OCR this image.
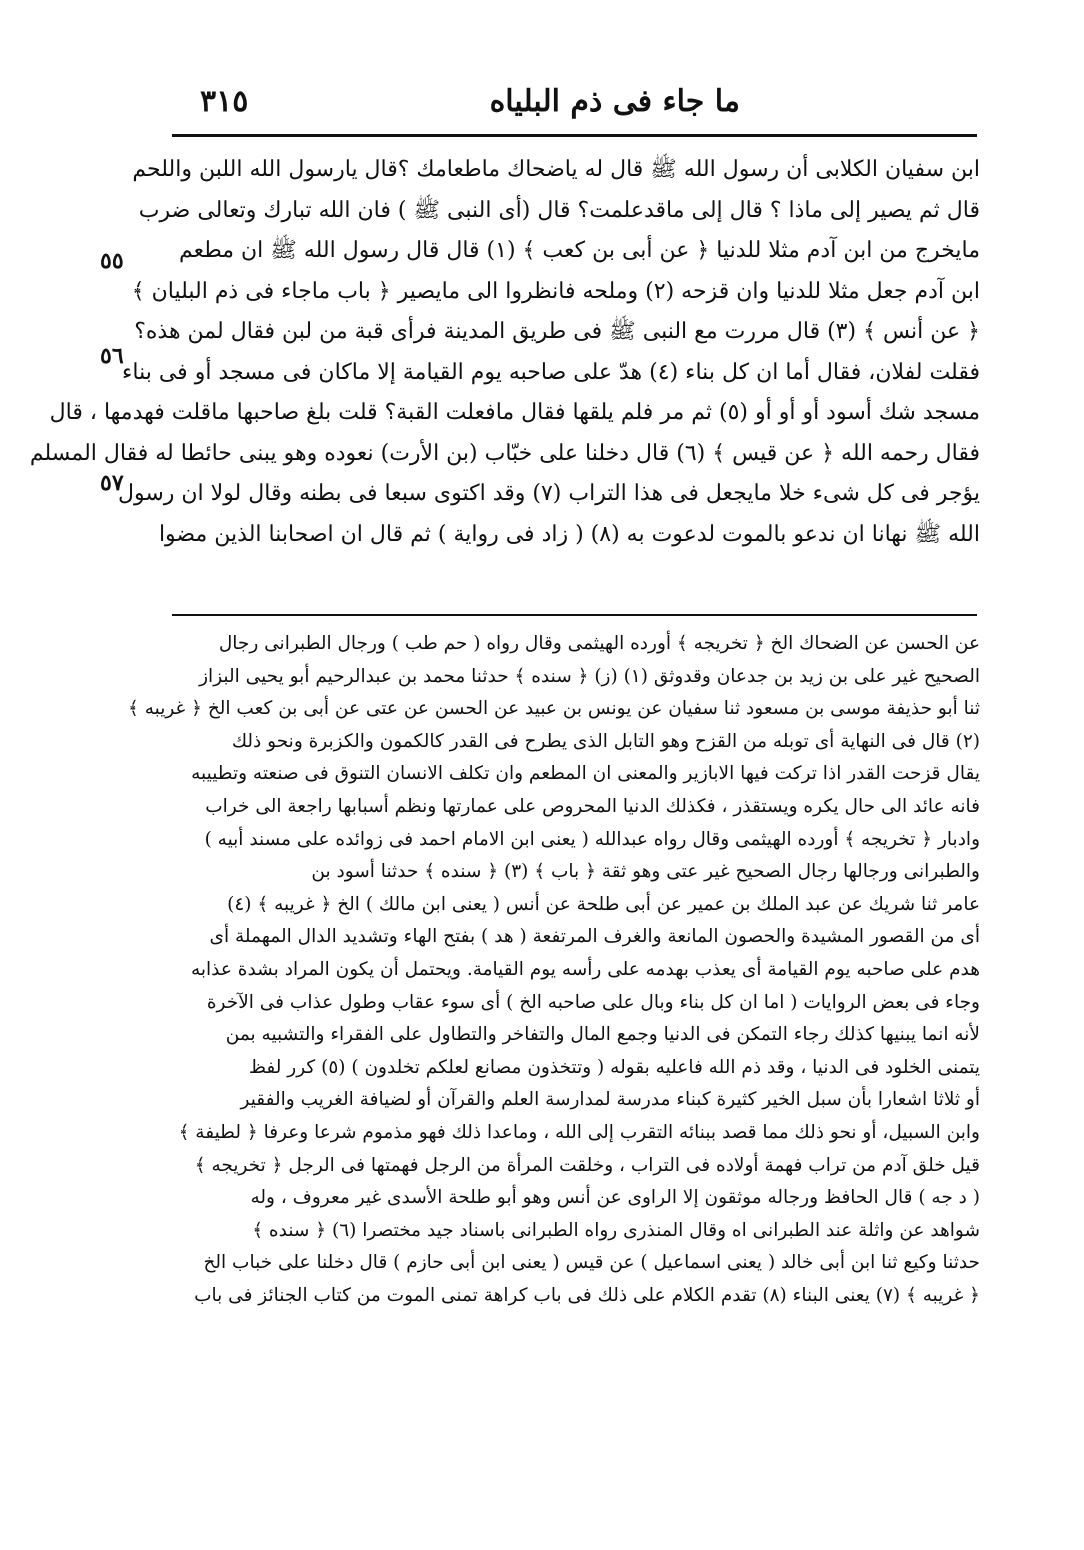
ما جاء فى ذم البلياه
٣١٥
٥٥
٥٦
٥٧
ابن سفيان الكلابى أن رسول الله ﷺ قال له ياضحاك ماطعامك ؟قال يارسول الله اللبن واللحم
قال ثم يصير إلى ماذا ؟ قال إلى ماقدعلمت؟ قال (أى النبى ﷺ ) فان الله تبارك وتعالى ضرب
مايخرج من ابن آدم مثلا للدنيا ﴿ عن أبى بن كعب ﴾ (١) قال قال رسول الله ﷺ ان مطعم
ابن آدم جعل مثلا للدنيا وان قزحه (٢) وملحه فانظروا الى مايصير ﴿ باب ماجاء فى ذم البليان ﴾
﴿ عن أنس ﴾ (٣) قال مررت مع النبى ﷺ فى طريق المدينة فرأى قبة من لبن فقال لمن هذه؟
فقلت لفلان، فقال أما ان كل بناء (٤) هدّ على صاحبه يوم القيامة إلا ماكان فى مسجد أو فى بناء
مسجد شك أسود أو أو أو (٥) ثم مر فلم يلقها فقال مافعلت القبة؟ قلت بلغ صاحبها ماقلت فهدمها ، قال
فقال رحمه الله ﴿ عن قيس ﴾ (٦) قال دخلنا على خبّاب (بن الأرت) نعوده وهو يبنى حائطا له فقال المسلم
يؤجر فى كل شىء خلا مايجعل فى هذا التراب (٧) وقد اكتوى سبعا فى بطنه وقال لولا ان رسول
الله ﷺ نهانا ان ندعو بالموت لدعوت به (٨) ( زاد فى رواية ) ثم قال ان اصحابنا الذين مضوا
عن الحسن عن الضحاك الخ ﴿ تخريجه ﴾ أورده الهيثمى وقال رواه ( حم طب ) ورجال الطبرانى رجال
الصحيح غير على بن زيد بن جدعان وقدوثق (١) (ز) ﴿ سنده ﴾ حدثنا محمد بن عبدالرحيم أبو يحيى البزاز
ثنا أبو حذيفة موسى بن مسعود ثنا سفيان عن يونس بن عبيد عن الحسن عن عتى عن أبى بن كعب الخ ﴿ غريبه ﴾
(٢) قال فى النهاية أى توبله من القزح وهو التابل الذى يطرح فى القدر كالكمون والكزبرة ونحو ذلك
يقال قزحت القدر اذا تركت فيها الابازير والمعنى ان المطعم وان تكلف الانسان التنوق فى صنعته وتطييبه
فانه عائد الى حال يكره ويستقذر ، فكذلك الدنيا المحروص على عمارتها ونظم أسبابها راجعة الى خراب
وادبار ﴿ تخريجه ﴾ أورده الهيثمى وقال رواه عبدالله ( يعنى ابن الامام احمد فى زوائده على مسند أبيه )
والطبرانى ورجالها رجال الصحيح غير عتى وهو ثقة ﴿ باب ﴾ (٣) ﴿ سنده ﴾ حدثنا أسود بن
عامر ثنا شريك عن عبد الملك بن عمير عن أبى طلحة عن أنس ( يعنى ابن مالك ) الخ ﴿ غريبه ﴾ (٤)
أى من القصور المشيدة والحصون المانعة والغرف المرتفعة ( هد ) بفتح الهاء وتشديد الدال المهملة أى
هدم على صاحبه يوم القيامة أى يعذب بهدمه على رأسه يوم القيامة. ويحتمل أن يكون المراد بشدة عذابه
وجاء فى بعض الروايات ( اما ان كل بناء وبال على صاحبه الخ ) أى سوء عقاب وطول عذاب فى الآخرة
لأنه انما يبنيها كذلك رجاء التمكن فى الدنيا وجمع المال والتفاخر والتطاول على الفقراء والتشبيه بمن
يتمنى الخلود فى الدنيا ، وقد ذم الله فاعليه بقوله ( وتتخذون مصانع لعلكم تخلدون ) (٥) كرر لفظ
أو ثلاثا اشعارا بأن سبل الخير كثيرة كبناء مدرسة لمدارسة العلم والقرآن أو لضيافة الغريب والفقير
وابن السبيل، أو نحو ذلك مما قصد ببنائه التقرب إلى الله ، وماعدا ذلك فهو مذموم شرعا وعرفا ﴿ لطيفة ﴾
قيل خلق آدم من تراب فهمة أولاده فى التراب ، وخلقت المرأة من الرجل فهمتها فى الرجل ﴿ تخريجه ﴾
( د جه ) قال الحافظ ورجاله موثقون إلا الراوى عن أنس وهو أبو طلحة الأسدى غير معروف ، وله
شواهد عن واثلة عند الطبرانى اه وقال المنذرى رواه الطبرانى باسناد جيد مختصرا (٦) ﴿ سنده ﴾
حدثنا وكيع ثنا ابن أبى خالد ( يعنى اسماعيل ) عن قيس ( يعنى ابن أبى حازم ) قال دخلنا على خباب الخ
﴿ غريبه ﴾ (٧) يعنى البناء (٨) تقدم الكلام على ذلك فى باب كراهة تمنى الموت من كتاب الجنائز فى باب
